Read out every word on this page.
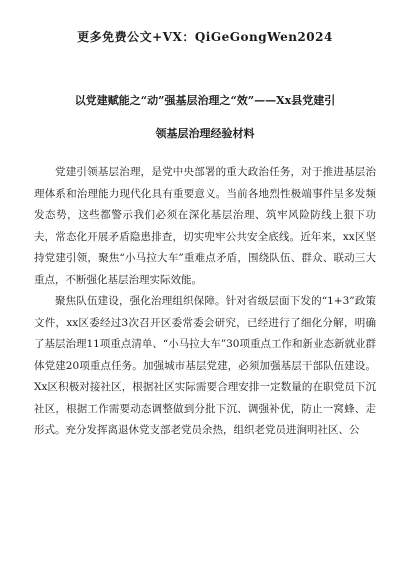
更多免费公文+VX：QiGeGongWen2024
以党建赋能之“动”强基层治理之“效”——Xx县党建引
领基层治理经验材料

党建引领基层治理，是党中央部署的重大政治任务，对于推进基层治理体系和治理能力现代化具有重要意义。当前各地烈性极端事件呈多发频发态势，这些都警示我们必须在深化基层治理、筑牢风险防线上狠下功夫，常态化开展矛盾隐患排查，切实兜牢公共安全底线。近年来，xx区坚持党建引领，聚焦“小马拉大车”重难点矛盾，围绕队伍、群众、联动三大重点，不断强化基层治理实际效能。

聚焦队伍建设，强化治理组织保障。针对省级层面下发的“1+3”政策文件，xx区委经过3次召开区委常委会研究，已经进行了细化分解，明确了基层治理11项重点清单、“小马拉大车”30项重点工作和新业态新就业群体党建20项重点任务。加强城市基层党建，必须加强基层干部队伍建设。Xx区积极对接社区，根据社区实际需要合理安排一定数量的在职党员下沉社区，根据工作需要动态调整做到分批下沉、调强补优，防止一窝蜂、走形式。充分发挥离退休党支部老党员余热，组织老党员进涧明社区、公
